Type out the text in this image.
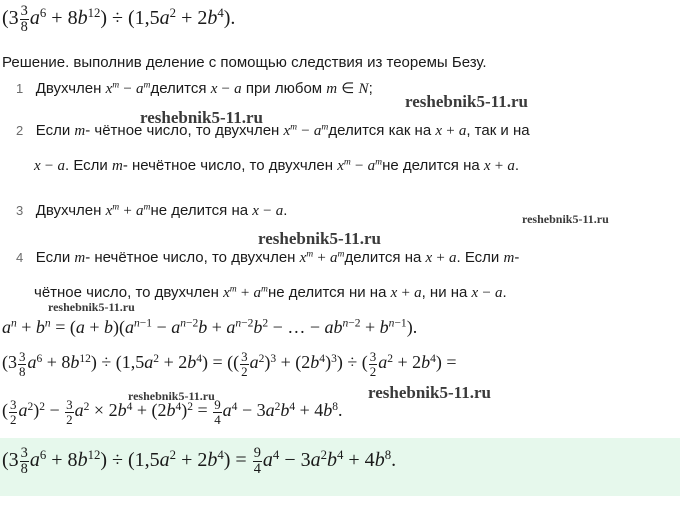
$(3 \frac{3}{8} a^6 + 8b^{12}) \div (1,5a^2 + 2b^4)$.
Решение. выполнив деление с помощью следствия из теоремы Безу.
1 Двухчлен $x^m$ − $a^mделится$ x − a при любом m ∈ N;
reshebnik5-11.ru
reshebnik5-11.ru
2 Если m- чётное число, то двухчлен $x^m$ − $a^mделится$ как на x + a, так и на
x − a. Если m- нечётное число, то двухчлен $x^m - a^mне$ делится на x + a.
3 Двухчлен $x^m + a^mне$ делится на x − a.	reshebnik5-11.ru
reshebnik5-11.ru
4 Если m- нечётное число, то двухчлен $x^m$ + $a^mделится$ на x + a. Если m-
чётное число, то двухчлен $x^m + a^mне$ делится ни на x + a, ни на x − a.
reshebnik5-11.ru
$a^n + b^n = (a + b)(a^{n-1} - a^{n-2}b + a^{n-2}b^2$ − … − $ab^{n-2} + b^{n-1}$).
$(3 \frac{3}{8} a^6 + 8b^{12}) \div (1,5a^2 + 2b^4)$ = (( $\frac{3}{2} a^2)^3 + (2b^4)^3$) ÷ ( $\frac{3}{2} a^2 + 2b^4$) =
reshebnik5-11.ru	reshebnik5-11.ru
( $\frac{3}{2} a^2)^2 - \frac{3}{2} a^2 \times 2b^4 + (2b^4)^2 = \frac{9}{4} a^4 - 3a^2b^4 + 4b^8$.
$(3 \frac{3}{8} a^6 + 8b^{12}) \div (1,5a^2 + 2b^4) = \frac{9}{4} a^4 - 3a^2b^4 + 4b^8$.
